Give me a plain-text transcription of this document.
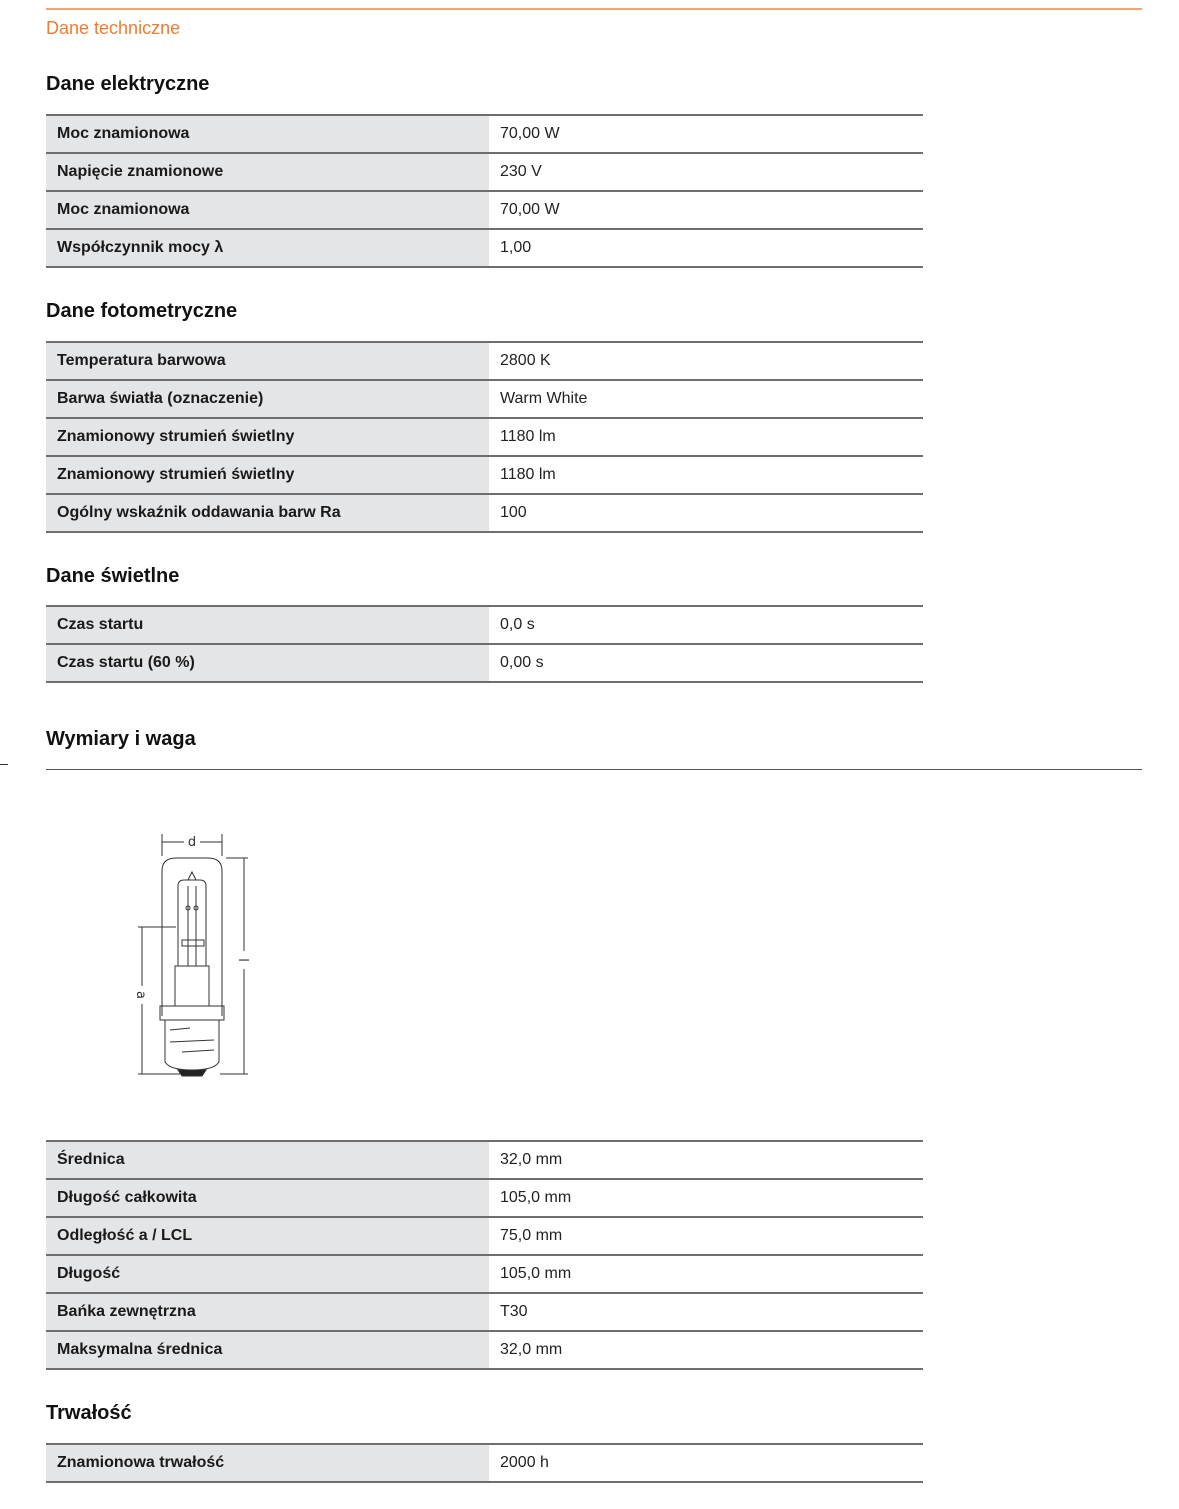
Dane techniczne
Dane elektryczne
Moc znamionowa	70,00 W
Napięcie znamionowe	230 V
Moc znamionowa	70,00 W
Współczynnik mocy λ	1,00
Dane fotometryczne
Temperatura barwowa	2800 K
Barwa światła (oznaczenie)	Warm White
Znamionowy strumień świetlny	1180 lm
Znamionowy strumień świetlny	1180 lm
Ogólny wskaźnik oddawania barw Ra	100
Dane świetlne
Czas startu	0,0 s
Czas startu (60 %)	0,00 s
Wymiary i waga
d
l
a
Średnica	32,0 mm
Długość całkowita	105,0 mm
Odległość a / LCL	75,0 mm
Długość	105,0 mm
Bańka zewnętrzna	T30
Maksymalna średnica	32,0 mm
Trwałość
Znamionowa trwałość	2000 h
